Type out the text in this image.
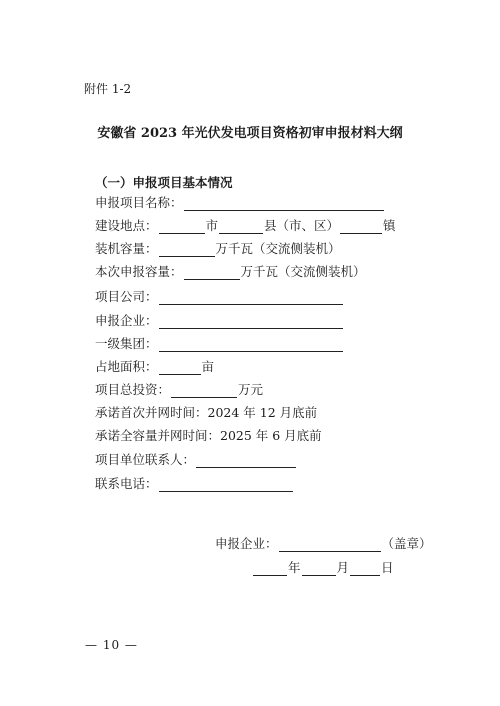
附件 1-2
安徽省 2023 年光伏发电项目资格初审申报材料大纲
（一）申报项目基本情况
申报项目名称：
建设地点：	市	县（市、区）	镇
装机容量：	万千瓦（交流侧装机）
本次申报容量：	万千瓦（交流侧装机）
项目公司：
申报企业：
一级集团：
占地面积：	亩
项目总投资：	万元
承诺首次并网时间：2024 年 12 月底前
承诺全容量并网时间：2025 年 6 月底前
项目单位联系人：
联系电话：
申报企业：	（盖章）
年	月	日
— 10 —
